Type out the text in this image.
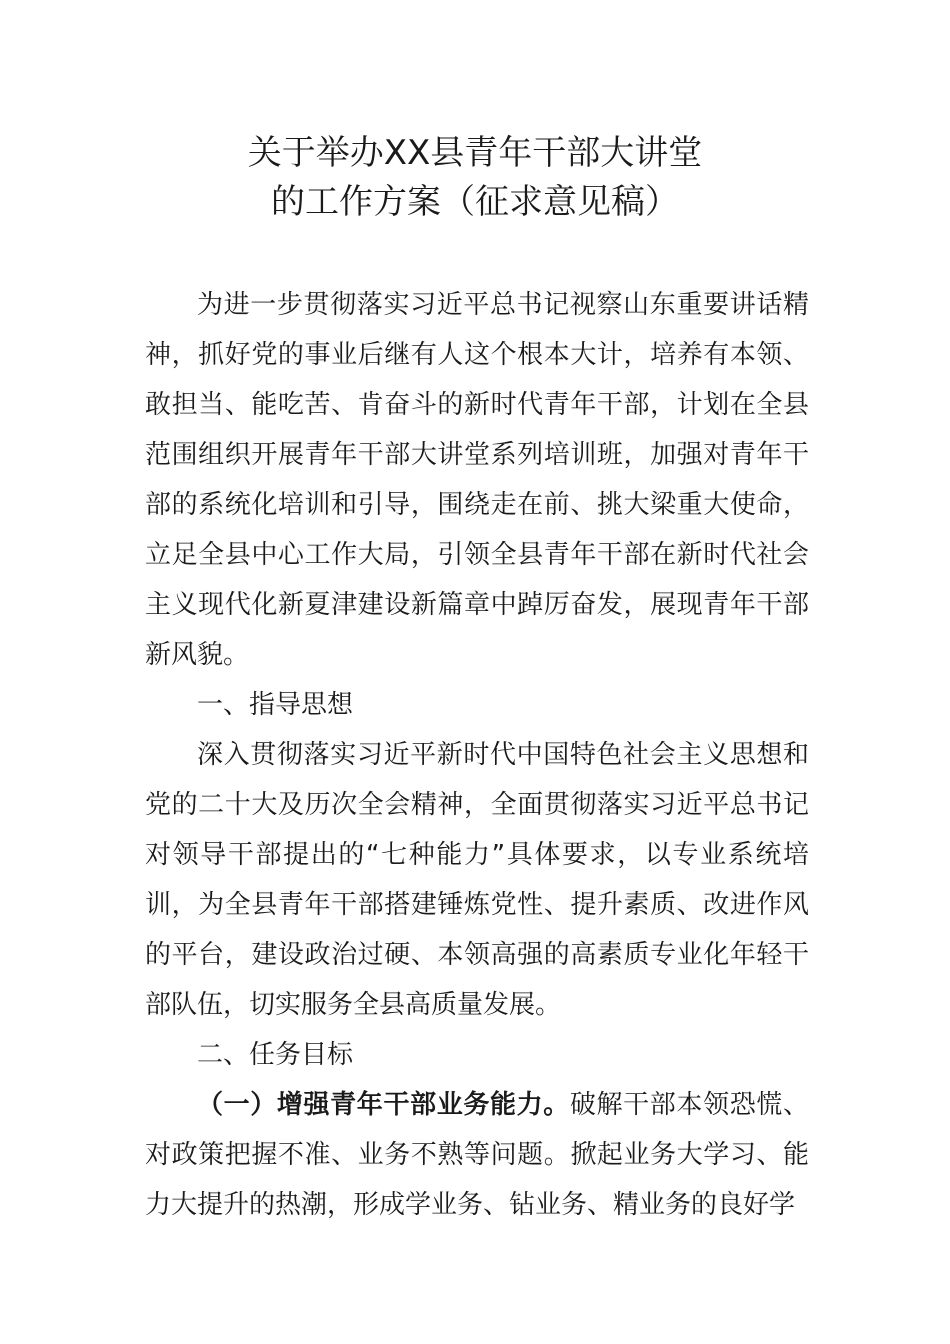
关于举办XX县青年干部大讲堂
的工作方案（征求意见稿）

为进一步贯彻落实习近平总书记视察山东重要讲话精神，抓好党的事业后继有人这个根本大计，培养有本领、敢担当、能吃苦、肯奋斗的新时代青年干部，计划在全县范围组织开展青年干部大讲堂系列培训班，加强对青年干部的系统化培训和引导，围绕走在前、挑大梁重大使命，立足全县中心工作大局，引领全县青年干部在新时代社会主义现代化新夏津建设新篇章中踔厉奋发，展现青年干部新风貌。

一、指导思想

深入贯彻落实习近平新时代中国特色社会主义思想和党的二十大及历次全会精神，全面贯彻落实习近平总书记对领导干部提出的“七种能力”具体要求，以专业系统培训，为全县青年干部搭建锤炼党性、提升素质、改进作风的平台，建设政治过硬、本领高强的高素质专业化年轻干部队伍，切实服务全县高质量发展。

二、任务目标

（一）增强青年干部业务能力。破解干部本领恐慌、对政策把握不准、业务不熟等问题。掀起业务大学习、能力大提升的热潮，形成学业务、钻业务、精业务的良好学
